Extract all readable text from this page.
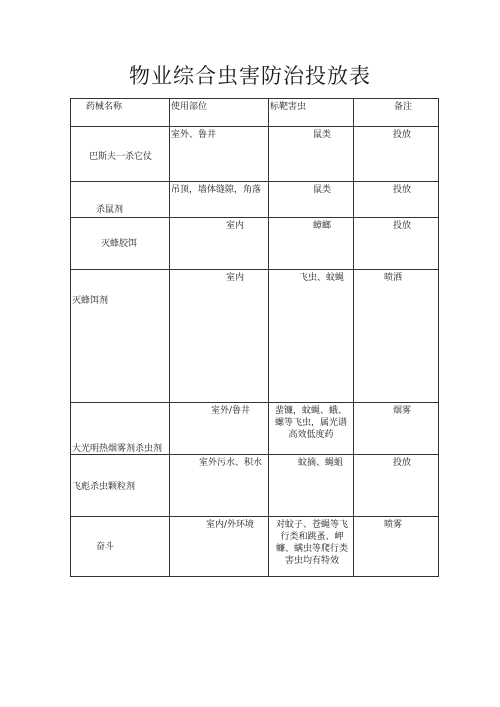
物业综合虫害防治投放表
药械名称	使用部位	标靶害虫	备注

巴斯夫一杀它仗	室外、鲁井	鼠类	投放

杀鼠剂	吊顶，墙体缝隙，角落	鼠类	投放

灭蜂胶饵	室内	蟑螂	投放

灭蜂饵剂	室内	飞虫、蚊蝇	喷洒

大光明热烟雾剂杀虫剂	室外/鲁井	蜚镰，蚊蝇、蛾、螺等飞虫，属光谱高效低度药	烟雾

飞彪杀虫颗粒剂	室外污水、积水	蚊摘、蝇蛆	投放

奋斗	室内/外环境	对蚊子、苍蝇等飞行类和跳蚤、岬蠊、螨虫等爬行类害虫均有特效	喷雾
